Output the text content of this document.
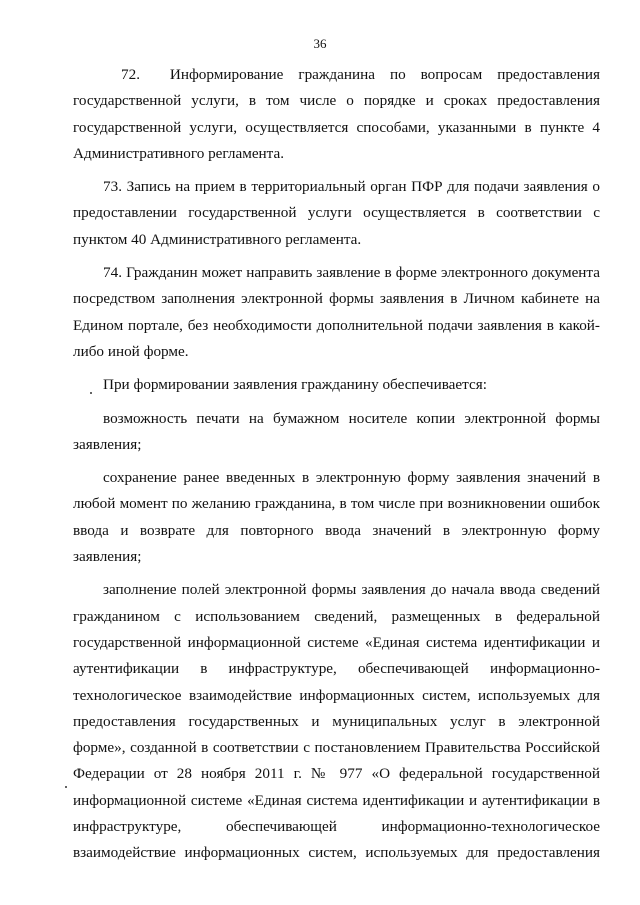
36

72.  Информирование гражданина по вопросам предоставления государственной услуги, в том числе о порядке и сроках предоставления государственной услуги, осуществляется способами, указанными в пункте 4 Административного регламента.

73. Запись на прием в территориальный орган ПФР для подачи заявления о предоставлении государственной услуги осуществляется в соответствии с пунктом 40 Административного регламента.

74. Гражданин может направить заявление в форме электронного документа посредством заполнения электронной формы заявления в Личном кабинете на Едином портале, без необходимости дополнительной подачи заявления в какой-либо иной форме.

При формировании заявления гражданину обеспечивается:

возможность печати на бумажном носителе копии электронной формы заявления;

сохранение ранее введенных в электронную форму заявления значений в любой момент по желанию гражданина, в том числе при возникновении ошибок ввода и возврате для повторного ввода значений в электронную форму заявления;

заполнение полей электронной формы заявления до начала ввода сведений гражданином с использованием сведений, размещенных в федеральной государственной информационной системе «Единая система идентификации и аутентификации в инфраструктуре, обеспечивающей информационно-технологическое взаимодействие информационных систем, используемых для предоставления государственных и муниципальных услуг в электронной форме», созданной в соответствии с постановлением Правительства Российской Федерации от 28 ноября 2011 г. № 977 «О федеральной государственной информационной системе «Единая система идентификации и аутентификации в инфраструктуре, обеспечивающей информационно-технологическое взаимодействие информационных систем, используемых для предоставления
